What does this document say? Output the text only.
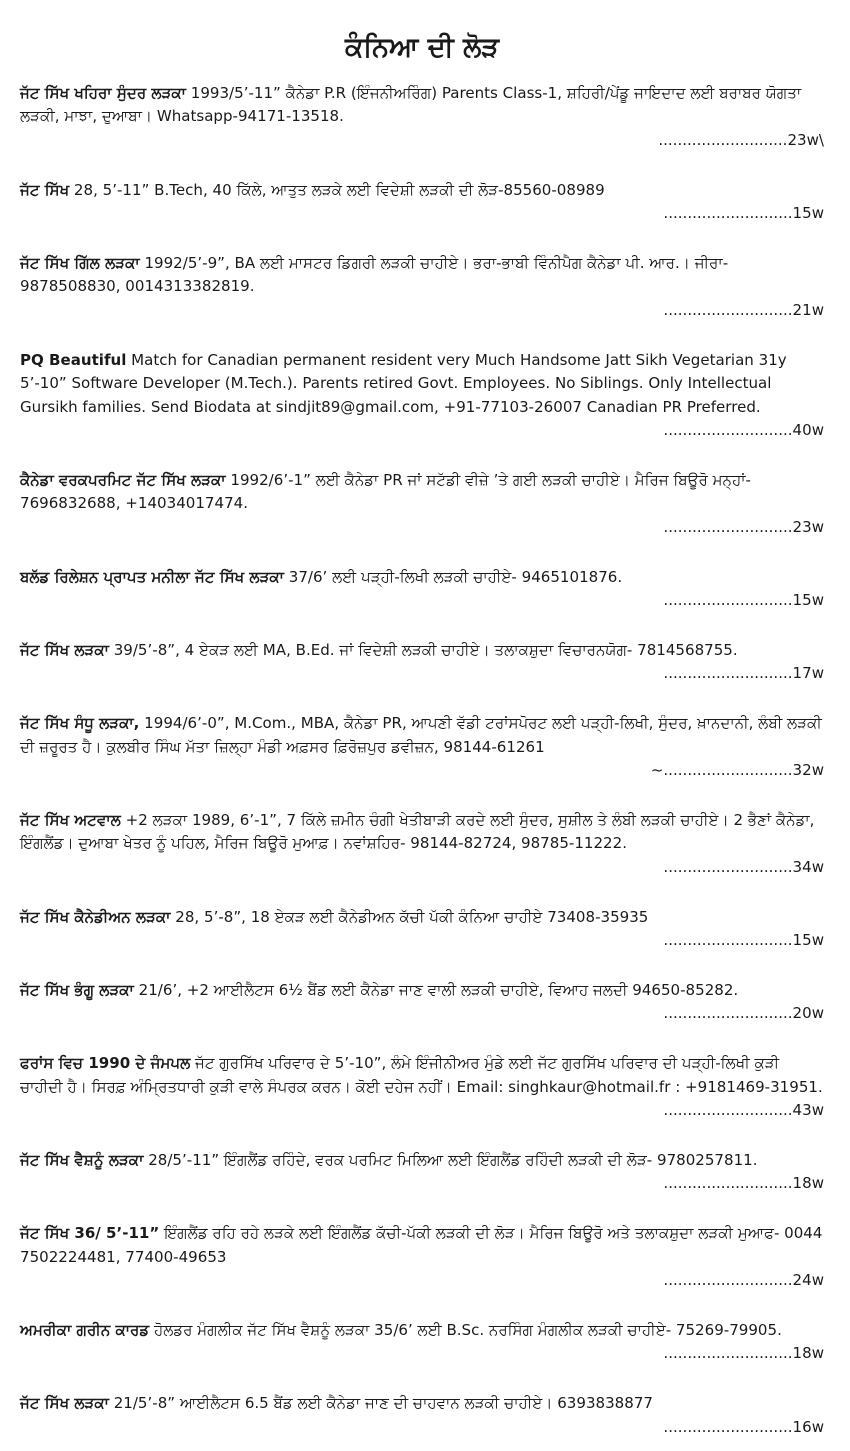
ਕੰਨਿਆ ਦੀ ਲੋੜ
ਜੱਟ ਸਿੱਖ ਖਹਿਰਾ ਸੁੰਦਰ ਲੜਕਾ 1993/5’-11” ਕੈਨੇਡਾ P.R (ਇੰਜਨੀਅਰਿੰਗ) Parents Class-1, ਸ਼ਹਿਰੀ/ਪੇਂਡੂ ਜਾਇਦਾਦ ਲਈ ਬਰਾਬਰ ਯੋਗਤਾ ਲੜਕੀ, ਮਾਝਾ, ਦੁਆਬਾ। Whatsapp-94171-13518.
...........................23w\
ਜੱਟ ਸਿੱਖ 28, 5’-11” B.Tech, 40 ਕਿੱਲੇ, ਆਤੁਤ ਲੜਕੇ ਲਈ ਵਿਦੇਸ਼ੀ ਲੜਕੀ ਦੀ ਲੋੜ-85560-08989
...........................15w
ਜੱਟ ਸਿੱਖ ਗਿੱਲ ਲੜਕਾ 1992/5’-9”, BA ਲਈ ਮਾਸਟਰ ਡਿਗਰੀ ਲੜਕੀ ਚਾਹੀਏ। ਭਰਾ-ਭਾਬੀ ਵਿੰਨੀਪੈਗ ਕੈਨੇਡਾ ਪੀ. ਆਰ.। ਜੀਰਾ- 9878508830, 0014313382819.
...........................21w
PQ Beautiful Match for Canadian permanent resident very Much Handsome Jatt Sikh Vegetarian 31y 5’-10” Software Developer (M.Tech.). Parents retired Govt. Employees. No Siblings. Only Intellectual Gursikh families. Send Biodata at sindjit89@gmail.com, +91-77103-26007 Canadian PR Preferred.
...........................40w
ਕੈਨੇਡਾ ਵਰਕਪਰਮਿਟ ਜੱਟ ਸਿੱਖ ਲੜਕਾ 1992/6’-1” ਲਈ ਕੈਨੇਡਾ PR ਜਾਂ ਸਟੱਡੀ ਵੀਜ਼ੇ ’ਤੇ ਗਈ ਲੜਕੀ ਚਾਹੀਏ। ਮੈਰਿਜ ਬਿਊਰੋ ਮਨ੍ਹਾਂ- 7696832688, +14034017474.
...........................23w
ਬਲੱਡ ਰਿਲੇਸ਼ਨ ਪ੍ਰਾਪਤ ਮਨੀਲਾ ਜੱਟ ਸਿੱਖ ਲੜਕਾ 37/6’ ਲਈ ਪੜ੍ਹੀ-ਲਿਖੀ ਲੜਕੀ ਚਾਹੀਏ- 9465101876.
...........................15w
ਜੱਟ ਸਿੱਖ ਲੜਕਾ 39/5’-8”, 4 ਏਕੜ ਲਈ MA, B.Ed. ਜਾਂ ਵਿਦੇਸ਼ੀ ਲੜਕੀ ਚਾਹੀਏ। ਤਲਾਕਸ਼ੁਦਾ ਵਿਚਾਰਨਯੋਗ- 7814568755.
...........................17w
ਜੱਟ ਸਿੱਖ ਸੰਧੂ ਲੜਕਾ, 1994/6’-0”, M.Com., MBA, ਕੈਨੇਡਾ PR, ਆਪਣੀ ਵੱਡੀ ਟਰਾਂਸਪੋਰਟ ਲਈ ਪੜ੍ਹੀ-ਲਿਖੀ, ਸੁੰਦਰ, ਖ਼ਾਨਦਾਨੀ, ਲੰਬੀ ਲੜਕੀ ਦੀ ਜ਼ਰੂਰਤ ਹੈ। ਕੁਲਬੀਰ ਸਿੰਘ ਮੱਤਾ ਜ਼ਿਲ੍ਹਾ ਮੰਡੀ ਅਫ਼ਸਰ ਫ਼ਿਰੋਜ਼ਪੁਰ ਡਵੀਜ਼ਨ, 98144-61261
~...........................32w
ਜੱਟ ਸਿੱਖ ਅਟਵਾਲ +2 ਲੜਕਾ 1989, 6’-1”, 7 ਕਿੱਲੇ ਜ਼ਮੀਨ ਚੰਗੀ ਖੇਤੀਬਾੜੀ ਕਰਦੇ ਲਈ ਸੁੰਦਰ, ਸੁਸ਼ੀਲ ਤੇ ਲੰਬੀ ਲੜਕੀ ਚਾਹੀਏ। 2 ਭੈਣਾਂ ਕੈਨੇਡਾ, ਇੰਗਲੈਂਡ। ਦੁਆਬਾ ਖੇਤਰ ਨੂੰ ਪਹਿਲ, ਮੈਰਿਜ ਬਿਊਰੋ ਮੁਆਫ਼। ਨਵਾਂਸ਼ਹਿਰ- 98144-82724, 98785-11222.
...........................34w
ਜੱਟ ਸਿੱਖ ਕੈਨੇਡੀਅਨ ਲੜਕਾ 28, 5’-8”, 18 ਏਕੜ ਲਈ ਕੈਨੇਡੀਅਨ ਕੱਚੀ ਪੱਕੀ ਕੰਨਿਆ ਚਾਹੀਏ 73408-35935
...........................15w
ਜੱਟ ਸਿੱਖ ਭੰਗੂ ਲੜਕਾ 21/6’, +2 ਆਈਲੈਟਸ 6½ ਬੈਂਡ ਲਈ ਕੈਨੇਡਾ ਜਾਣ ਵਾਲੀ ਲੜਕੀ ਚਾਹੀਏ, ਵਿਆਹ ਜਲਦੀ 94650-85282.
...........................20w
ਫਰਾਂਸ ਵਿਚ 1990 ਦੇ ਜੰਮਪਲ ਜੱਟ ਗੁਰਸਿੱਖ ਪਰਿਵਾਰ ਦੇ 5’-10”, ਲੰਮੇ ਇੰਜੀਨੀਅਰ ਮੁੰਡੇ ਲਈ ਜੱਟ ਗੁਰਸਿੱਖ ਪਰਿਵਾਰ ਦੀ ਪੜ੍ਹੀ-ਲਿਖੀ ਕੁੜੀ ਚਾਹੀਦੀ ਹੈ। ਸਿਰਫ਼ ਅੰਮ੍ਰਿਤਧਾਰੀ ਕੁੜੀ ਵਾਲੇ ਸੰਪਰਕ ਕਰਨ। ਕੋਈ ਦਹੇਜ ਨਹੀਂ। Email: singhkaur@hotmail.fr : +9181469-31951.
...........................43w
ਜੱਟ ਸਿੱਖ ਵੈਸ਼ਨੂੰ ਲੜਕਾ 28/5’-11” ਇੰਗਲੈਂਡ ਰਹਿੰਦੇ, ਵਰਕ ਪਰਮਿਟ ਮਿਲਿਆ ਲਈ ਇੰਗਲੈਂਡ ਰਹਿੰਦੀ ਲੜਕੀ ਦੀ ਲੋੜ- 9780257811.
...........................18w
ਜੱਟ ਸਿੱਖ 36/ 5’-11” ਇੰਗਲੈਂਡ ਰਹਿ ਰਹੇ ਲੜਕੇ ਲਈ ਇੰਗਲੈਂਡ ਕੱਚੀ-ਪੱਕੀ ਲੜਕੀ ਦੀ ਲੋੜ। ਮੈਰਿਜ ਬਿਊਰੋ ਅਤੇ ਤਲਾਕਸ਼ੁਦਾ ਲੜਕੀ ਮੁਆਫ- 0044 7502224481, 77400-49653
...........................24w
ਅਮਰੀਕਾ ਗਰੀਨ ਕਾਰਡ ਹੋਲਡਰ ਮੰਗਲੀਕ ਜੱਟ ਸਿੱਖ ਵੈਸ਼ਨੂੰ ਲੜਕਾ 35/6’ ਲਈ B.Sc. ਨਰਸਿੰਗ ਮੰਗਲੀਕ ਲੜਕੀ ਚਾਹੀਏ- 75269-79905.
...........................18w
ਜੱਟ ਸਿੱਖ ਲੜਕਾ 21/5’-8” ਆਈਲੈਟਸ 6.5 ਬੈਂਡ ਲਈ ਕੈਨੇਡਾ ਜਾਣ ਦੀ ਚਾਹਵਾਨ ਲੜਕੀ ਚਾਹੀਏ। 6393838877
...........................16w
